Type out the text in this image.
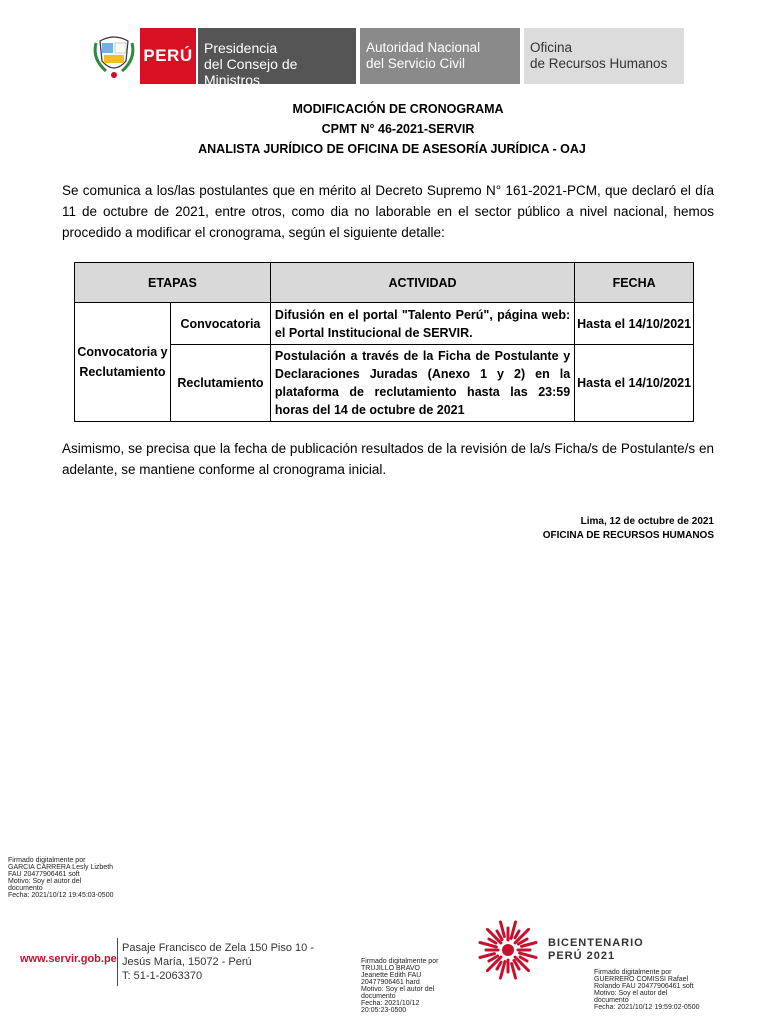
PERÚ Presidencia
del Consejo de Ministros
Autoridad Nacional
del Servicio Civil
Oficina
de Recursos Humanos
MODIFICACIÓN DE CRONOGRAMA
CPMT N° 46-2021-SERVIR
ANALISTA JURÍDICO DE OFICINA DE ASESORÍA JURÍDICA - OAJ
Se comunica a los/las postulantes que en mérito al Decreto Supremo N° 161-2021-PCM, que declaró el día 11 de octubre de 2021, entre otros, como dia no laborable en el sector público a nivel nacional, hemos procedido a modificar el cronograma, según el siguiente detalle:
ETAPAS		ACTIVIDAD	FECHA
Convocatoria y Reclutamiento	Convocatoria	Difusión en el portal "Talento Perú", página web: el Portal Institucional de SERVIR.	Hasta el 14/10/2021
	Reclutamiento	Postulación a través de la Ficha de Postulante y Declaraciones Juradas (Anexo 1 y 2) en la plataforma de reclutamiento hasta las 23:59 horas del 14 de octubre de 2021	Hasta el 14/10/2021
Asimismo, se precisa que la fecha de publicación resultados de la revisión de la/s Ficha/s de Postulante/s en adelante, se mantiene conforme al cronograma inicial.
Lima, 12 de octubre de 2021
OFICINA DE RECURSOS HUMANOS
Firmado digitalmente por
GARCIA CARRERA Lesly Lizbeth
FAU 20477906461 soft
Motivo: Soy el autor del
documento
Fecha: 2021/10/12 19:45:03-0500
Firmado digitalmente por
TRUJILLO BRAVO
Jeanette Edith FAU
20477906461 hard
Motivo: Soy el autor del
documento
Fecha: 2021/10/12
20:05:23-0500
Firmado digitalmente por
GUERRERO COMISSI Rafael
Rolando FAU 20477906461 soft
Motivo: Soy el autor del
documento
Fecha: 2021/10/12 19:59:02-0500
www.servir.gob.pe
Pasaje Francisco de Zela 150 Piso 10 -
Jesús María, 15072 - Perú
T: 51-1-2063370
BICENTENARIO
PERÚ 2021
